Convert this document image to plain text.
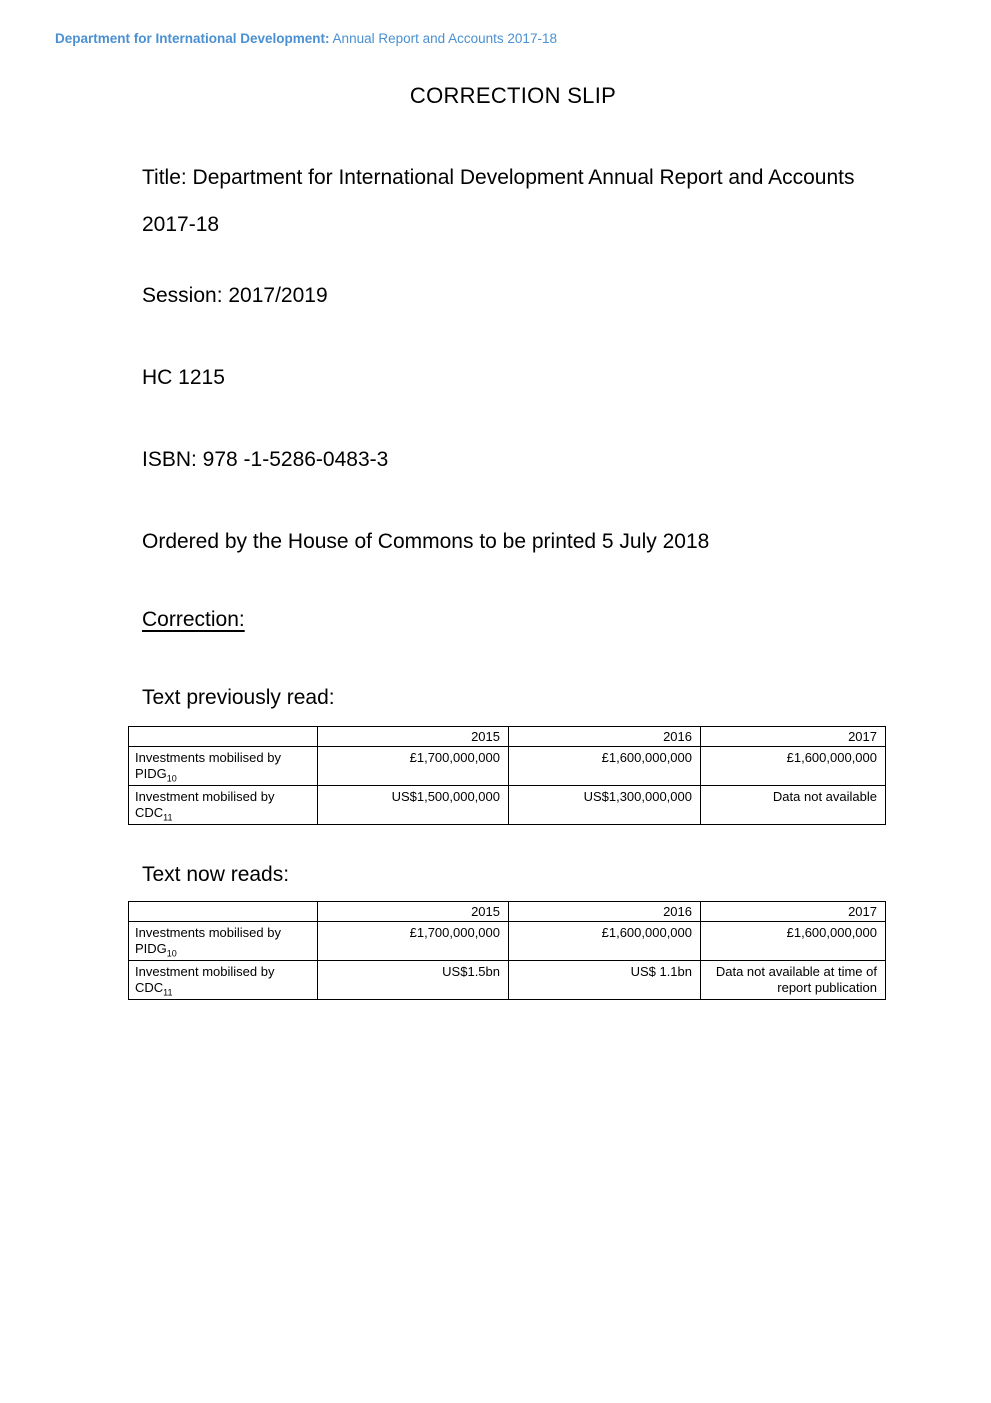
Department for International Development: Annual Report and Accounts 2017-18
CORRECTION SLIP

Title: Department for International Development Annual Report and Accounts 2017-18

Session: 2017/2019

HC 1215

ISBN: 978 -1-5286-0483-3

Ordered by the House of Commons to be printed 5 July 2018

Correction:

Text previously read:

	2015	2016	2017
Investments mobilised by $PIDG_{10}$	£1,700,000,000	£1,600,000,000	£1,600,000,000
Investment mobilised by $CDC_{11}$	US$1,500,000,000	US$1,300,000,000	Data not available

Text now reads:

	2015	2016	2017
Investments mobilised by $PIDG_{10}$	£1,700,000,000	£1,600,000,000	£1,600,000,000
Investment mobilised by $CDC_{11}$	US$1.5bn	US$ 1.1bn	Data not available at time of report publication
